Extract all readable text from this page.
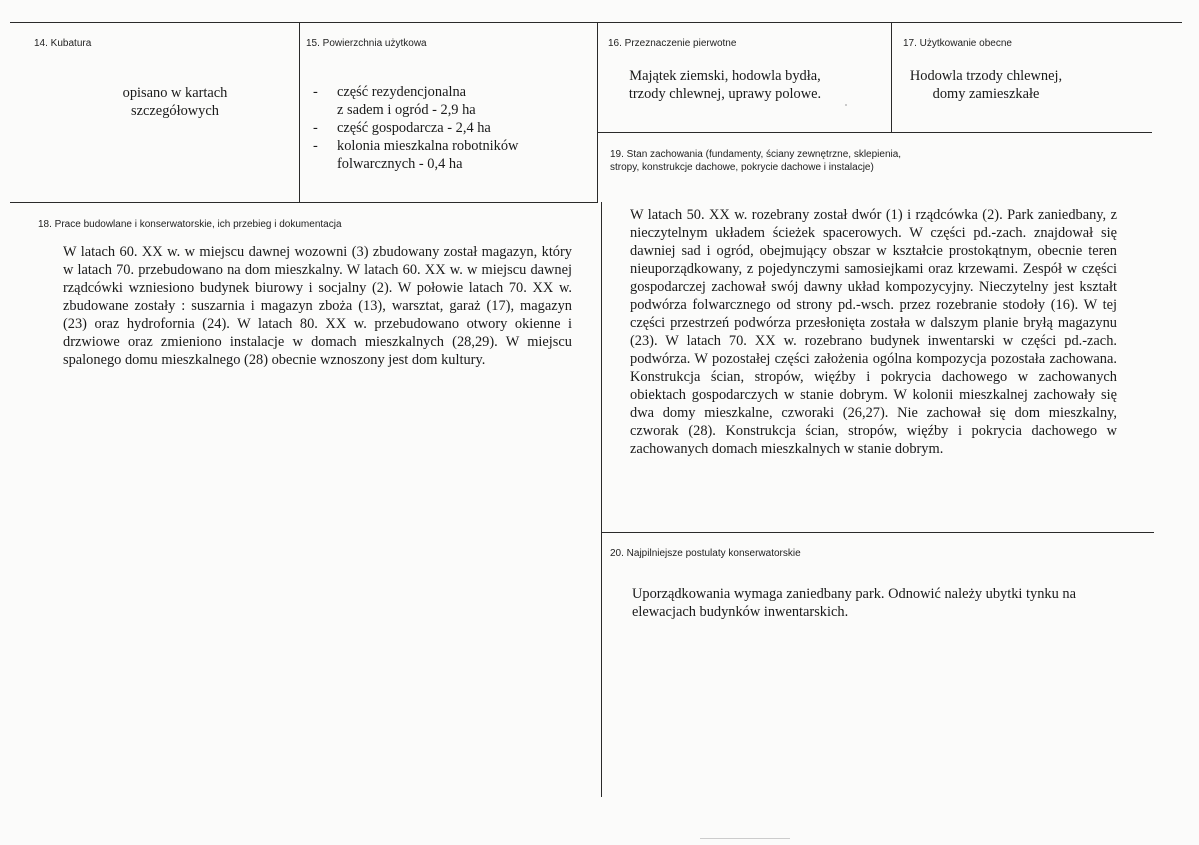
14. Kubatura
opisano w kartach
szczegółowych
15. Powierzchnia użytkowa
- część rezydencjonalna
z sadem i ogród - 2,9 ha
- część gospodarcza - 2,4 ha
- kolonia mieszkalna robotników
folwarcznych - 0,4 ha
16. Przeznaczenie pierwotne
Majątek ziemski, hodowla bydła,
trzody chlewnej, uprawy polowe.
17. Użytkowanie obecne
Hodowla trzody chlewnej,
domy zamieszkałe
18. Prace budowlane i konserwatorskie, ich przebieg i dokumentacja
W latach 60. XX w. w miejscu dawnej wozowni (3) zbudowany został magazyn, który w latach 70. przebudowano na dom mieszkalny. W latach 60. XX w. w miejscu dawnej rządcówki wzniesiono budynek biurowy i socjalny (2). W połowie latach 70. XX w. zbudowane zostały : suszarnia i magazyn zboża (13), warsztat, garaż (17), magazyn (23) oraz hydrofornia (24). W latach 80. XX w. przebudowano otwory okienne i drzwiowe oraz zmieniono instalacje w domach mieszkalnych (28,29). W miejscu spalonego domu mieszkalnego (28) obecnie wznoszony jest dom kultury.
19. Stan zachowania (fundamenty, ściany zewnętrzne, sklepienia,
stropy, konstrukcje dachowe, pokrycie dachowe i instalacje)
W latach 50. XX w. rozebrany został dwór (1) i rządcówka (2). Park zaniedbany, z nieczytelnym układem ścieżek spacerowych. W części pd.-zach. znajdował się dawniej sad i ogród, obejmujący obszar w kształcie prostokątnym, obecnie teren nieuporządkowany, z pojedynczymi samosiejkami oraz krzewami. Zespół w części gospodarczej zachował swój dawny układ kompozycyjny. Nieczytelny jest kształt podwórza folwarcznego od strony pd.-wsch. przez rozebranie stodoły (16). W tej części przestrzeń podwórza przesłonięta została w dalszym planie bryłą magazynu (23). W latach 70. XX w. rozebrano budynek inwentarski w części pd.-zach. podwórza. W pozostałej części założenia ogólna kompozycja pozostała zachowana. Konstrukcja ścian, stropów, więźby i pokrycia dachowego w zachowanych obiektach gospodarczych w stanie dobrym. W kolonii mieszkalnej zachowały się dwa domy mieszkalne, czworaki (26,27). Nie zachował się dom mieszkalny, czworak (28). Konstrukcja ścian, stropów, więźby i pokrycia dachowego w zachowanych domach mieszkalnych w stanie dobrym.
20. Najpilniejsze postulaty konserwatorskie
Uporządkowania wymaga zaniedbany park. Odnowić należy ubytki tynku na elewacjach budynków inwentarskich.
